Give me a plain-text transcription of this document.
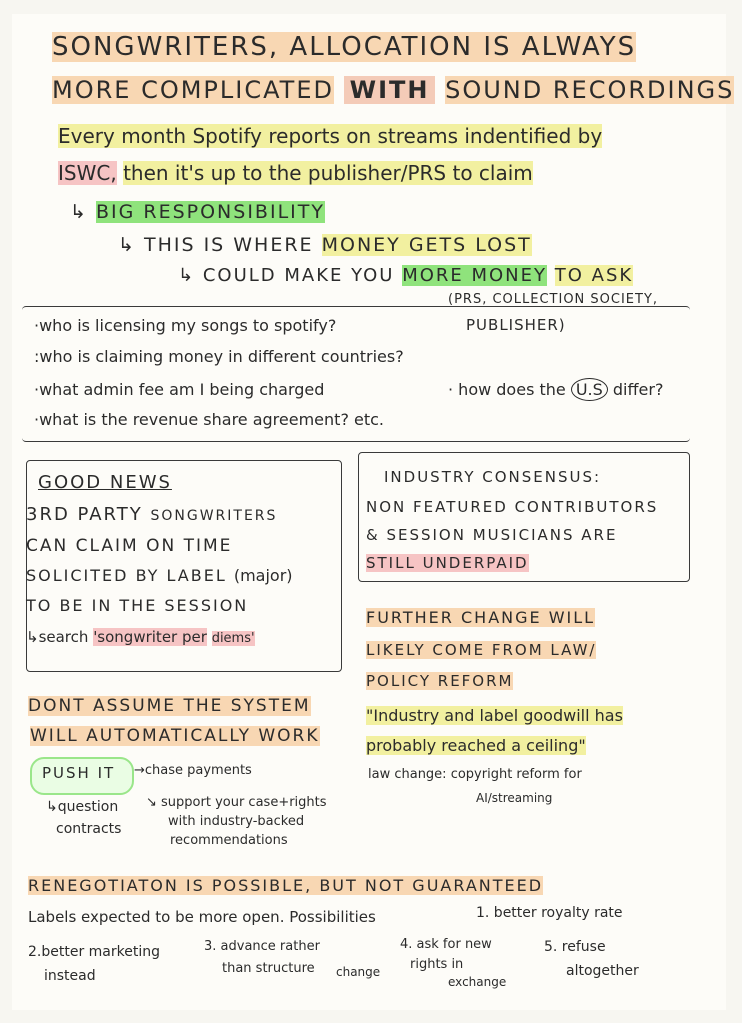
SONGWRITERS, ALLOCATION IS ALWAYS
MORE COMPLICATED WITH SOUND RECORDINGS
Every month Spotify reports on streams indentified by
ISWC, then it's up to the publisher/PRS to claim
↳ BIG RESPONSIBILITY
↳ THIS IS WHERE MONEY GETS LOST
↳ COULD MAKE YOU MORE MONEY TO ASK
(PRS, COLLECTION SOCIETY,
PUBLISHER)
·who is licensing my songs to spotify?
:who is claiming money in different countries?
·what admin fee am I being charged	· how does the U.S differ?
·what is the revenue share agreement? etc.
GOOD NEWS
3RD PARTY SONGWRITERS
CAN CLAIM ON TIME
SOLICITED BY LABEL (major)
TO BE IN THE SESSION
↳search 'songwriter per diems'
INDUSTRY CONSENSUS:
NON FEATURED CONTRIBUTORS
& SESSION MUSICIANS ARE
STILL UNDERPAID
FURTHER CHANGE WILL
LIKELY COME FROM LAW/
POLICY REFORM
"Industry and label goodwill has
probably reached a ceiling"
law change: copyright reform for
AI/streaming
DONT ASSUME THE SYSTEM
WILL AUTOMATICALLY WORK
PUSH IT →chase payments
↳question
contracts
↘ support your case+rights
with industry-backed
recommendations
RENEGOTIATON IS POSSIBLE, BUT NOT GUARANTEED
Labels expected to be more open. Possibilities	1. better royalty rate
2.better marketing
instead
3. advance rather
than structure change
4. ask for new
rights in
exchange
5. refuse
altogether
